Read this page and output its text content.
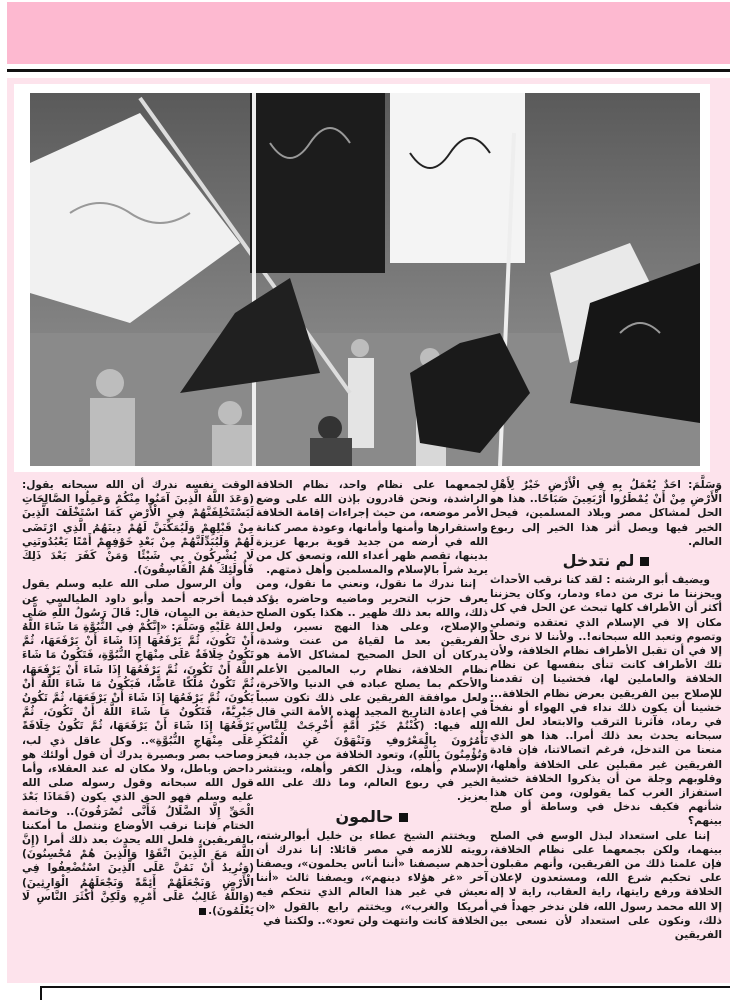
وَسَلَّمَ: احَدٌ يُعْمَلُ بِهِ فِي الْأَرْضِ خَيْرٌ لِأَهْلِ الْأَرْضِ مِنْ أَنْ يُمْطَرُوا أَرْبَعِينَ صَبَاحًا.. هذا هو الحل لمشاكل مصر وبلاد المسلمين، فيحل الخير فيها ويصل أثر هذا الخير إلى ربوع العالم.

لم نتدخل

ويضيف أبو الرشته : لقد كنا نرقب الأحداث ويحزننا ما نرى من دماء ودمار، وكان يحزننا أكثر أن الأطراف كلها تبحث عن الحل في كل مكان إلا في الإسلام الذي تعتقده وتصلي وتصوم وتعبد الله سبحانه!.. ولأننا لا نرى حلاً إلا في أن تقبل الأطراف نظام الخلافة، ولأن تلك الأطراف كانت تنأى بنفسها عن نظام الخلافة والعاملين لها، فخشينا إن تقدمنا للإصلاح بين الفريقين بعرض نظام الخلافة... خشينا أن يكون ذلك نداء في الهواء أو نفخاً في رماد، فآثرنا الترقب والابتعاد لعل الله سبحانه يحدث بعد ذلك أمرا.. هذا هو الذي منعنا من التدخل، فرغم اتصالاتنا، فإن قادة الفريقين غير مقبلين على الخلافة وأهلها، وقلوبهم وجلة من أن يذكروا الخلافة خشية استفزاز الغرب كما يقولون، ومن كان هذا شأنهم فكيف ندخل في وساطة أو صلح بينهم؟

إننا على استعداد لبذل الوسع في الصلح بينهما، ولكن بجمعهما على نظام الخلافة، فإن علمنا ذلك من الفريقين، وأنهم مقبلون على تحكيم شرع الله، ومستعدون لإعلان الخلافة ورفع رايتها، راية العقاب، راية لا إله إلا الله محمد رسول الله، فلن ندخر جهداً في ذلك، ونكون على استعداد لأن نسعى بين الفريقين

لجمعهما على نظام واحد، نظام الخلافة الراشدة، ونحن قادرون بإذن الله على وضع الأمر موضعه، من حيث إجراءات إقامة الخلافة واستقرارها وأمنها وأمانها، وعودة مصر كنانة الله في أرضه من جديد قوية بربها عزيزة بدينها، تقصم ظهر أعداء الله، وتصعق كل من يريد شراً بالإسلام والمسلمين وأهل ذمتهم.

إننا ندرك ما نقول، ونعني ما نقول، ومن يعرف حزب التحرير وماضيه وحاضره يؤكد ذلك، والله بعد ذلك ظهير .. هكذا يكون الصلح والإصلاح، وعلى هذا النهج نسير، ولعل الفريقين بعد ما لقياهُ من عنت وشدة، يدركان أن الحل الصحيح لمشاكل الأمة هو نظام الخلافة، نظام رب العالمين الأعلم والأحكم بما يصلح عباده في الدنيا والآخرة، ولعل موافقة الفريقين على ذلك تكون سبباً في إعادة التاريخ المجيد لهذه الأمة التي قال الله فيها: (كُنْتُمْ خَيْرَ أُمَّةٍ أُخْرِجَتْ لِلنَّاسِ تَأْمُرُونَ بِالْمَعْرُوفِ وَتَنْهَوْنَ عَنِ الْمُنْكَرِ وَتُؤْمِنُونَ بِاللَّهِ)، وتعود الخلافة من جديد، فيعز الإسلام وأهله، ويذل الكفر وأهله، وينتشر الخير في ربوع العالم، وما ذلك على الله بعزيز.

حالمون

ويختتم الشيخ عطاء بن خليل أبوالرشته، رويته للازمه في مصر قائلا: إنا ندرك أن أحدهم سيصفنا «أننا أناس يحلمون»، ويصفنا آخر «غر هؤلاء دينهم»، ويصفنا ثالث «أننا نعيش في غير هذا العالم الذي تتحكم فيه أمريكا والغرب»، ويختتم رابع بالقول «إن الخلافة كانت وانتهت ولن تعود».. ولكننا في

الوقت نفسه ندرك أن الله سبحانه يقول: (وَعَدَ اللَّهُ الَّذِينَ آمَنُوا مِنْكُمْ وَعَمِلُوا الصَّالِحَاتِ لَيَسْتَخْلِفَنَّهُمْ فِي الْأَرْضِ كَمَا اسْتَخْلَفَ الَّذِينَ مِنْ قَبْلِهِمْ وَلَيُمَكِّنَنَّ لَهُمْ دِينَهُمُ الَّذِي ارْتَضَى لَهُمْ وَلَيُبَدِّلَنَّهُمْ مِنْ بَعْدِ خَوْفِهِمْ أَمْنًا يَعْبُدُونَنِي لَا يُشْرِكُونَ بِي شَيْئًا وَمَنْ كَفَرَ بَعْدَ ذَلِكَ فَأُولَئِكَ هُمُ الْفَاسِقُونَ).

وأن الرسول صلى الله عليه وسلم يقول فيما أخرجه أحمد وأبو داود الطيالسي عن حذيفة بن اليمان، قال: قَالَ رَسُولُ اللَّهِ صَلَّى اللهُ عَلَيْهِ وَسَلَّمَ: «إِنَّكُمْ فِي النُّبُوَّةِ مَا شَاءَ اللَّهُ أَنْ تَكُونَ، ثُمَّ يَرْفَعُهَا إِذَا شَاءَ أَنْ يَرْفَعَهَا، ثُمَّ تَكُونُ خِلَافَةٌ عَلَى مِنْهَاجِ النُّبُوَّةِ، فَتَكُونُ مَا شَاءَ اللَّهُ أَنْ تَكُونَ، ثُمَّ يَرْفَعُهَا إِذَا شَاءَ أَنْ يَرْفَعَهَا، ثُمَّ تَكُونُ مُلْكًا عَاضًّا، فَيَكُونُ مَا شَاءَ اللَّهُ أَنْ يَكُونَ، ثُمَّ يَرْفَعُهَا إِذَا شَاءَ أَنْ يَرْفَعَهَا، ثُمَّ تَكُونُ جَبْرِيَّةً، فَتَكُونُ مَا شَاءَ اللَّهُ أَنْ تَكُونَ، ثُمَّ يَرْفَعُهَا إِذَا شَاءَ أَنْ يَرْفَعَهَا، ثُمَّ تَكُونُ خِلَافَةً عَلَى مِنْهَاجِ النُّبُوَّةِ».. وكل عاقل ذي لب، وصاحب بصر وبصيرة يدرك أن قول أولئك هو داحض وباطل، ولا مكان له عند العقلاء، وأما قول الله سبحانه وقول رسوله صلى الله عليه وسلم فهو الحق الذي يكون (فَمَاذَا بَعْدَ الْحَقِّ إِلَّا الضَّلَالُ فَأَنَّى تُصْرَفُونَ).. وخاتمة الختام فإننا نرقب الأوضاع ونتصل ما أمكننا بالفريقين، فلعل الله يحدث بعد ذلك أمرا (إِنَّ اللَّهَ مَعَ الَّذِينَ اتَّقَوْا وَالَّذِينَ هُمْ مُحْسِنُونَ) (وَنُرِيدُ أَنْ نَمُنَّ عَلَى الَّذِينَ اسْتُضْعِفُوا فِي الْأَرْضِ وَنَجْعَلَهُمْ أَئِمَّةً وَنَجْعَلَهُمُ الْوَارِثِينَ) (وَاللَّهُ غَالِبٌ عَلَى أَمْرِهِ وَلَكِنَّ أَكْثَرَ النَّاسِ لَا يَعْلَمُونَ).
